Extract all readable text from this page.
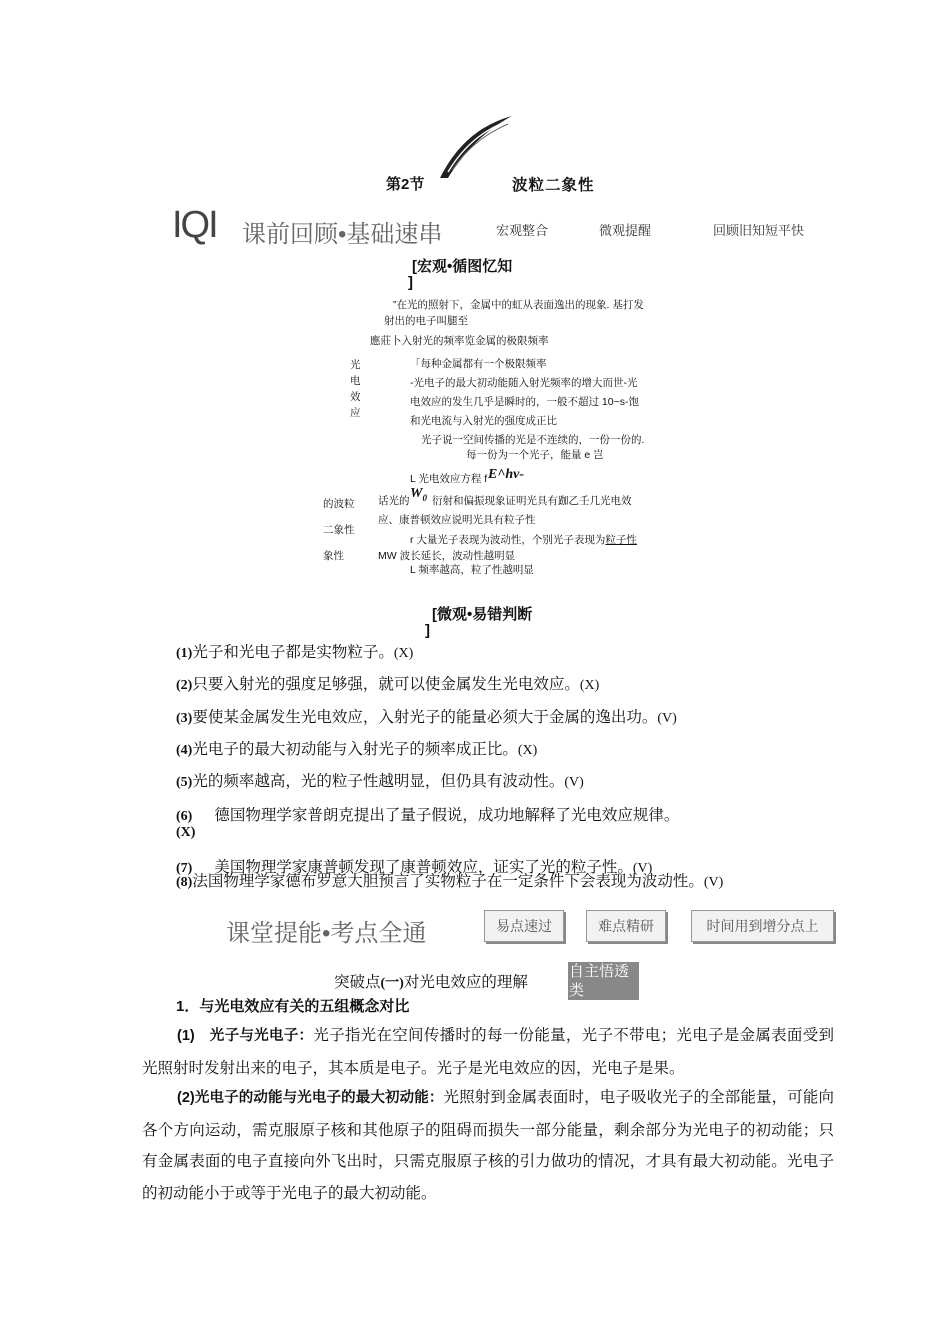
第2节	波粒二象性
IQI 课前回顾•基础速串	宏观整合	微观提醒	回顾旧知短平快
[宏观•循图忆知
]
”在光的照射下，金属中的虹从表面逸出的现象. 基打发
射出的电子叫腿至
應莊卜入射光的频率览金属的极限频率
光
电
效
应
「每种金属都有一个极限频率
-光电子的最大初动能随入射光频率的增大而世-光
电效应的发生几乎是瞬时的，一般不超过 10~s-饱
和光电流与入射光的强度成正比
光子说一空间传播的光是不连续的，一份一份的.
每一份为一个光子，能量 e 岂
L 光电效应方程 f E^hv-
$W_0$
的波粒
二象性
象性
话光的 衍射和偏振现象证明光具有跏乙壬几光电效
应、康普顿效应说明光具有粒子性
r 大量光子表现为波动性，个别光子表现为粒子性
MW 波长延长，波动性越明显
L 频率越高，粒了性越明显
[微观•易错判断
]
(1)光子和光电子都是实物粒子。(X)
(2)只要入射光的强度足够强，就可以使金属发生光电效应。(X)
(3)要使某金属发生光电效应，入射光子的能量必须大于金属的逸出功。(V)
(4)光电子的最大初动能与入射光子的频率成正比。(X)
(5)光的频率越高，光的粒子性越明显，但仍具有波动性。(V)
(6) 德国物理学家普朗克提出了量子假说，成功地解释了光电效应规律。
(X)
(7) 美国物理学家康普顿发现了康普顿效应，证实了光的粒子性。(V)
(8)法国物理学家德布罗意大胆预言了实物粒子在一定条件下会表现为波动性。(V)
课堂提能•考点全通	易点速过	难点精研	时间用到增分点上
突破点(一)对光电效应的理解
自主悟透类
1．与光电效应有关的五组概念对比
(1)　光子与光电子：光子指光在空间传播时的每一份能量，光子不带电；光电子是金属表面受到光照射时发射出来的电子，其本质是电子。光子是光电效应的因，光电子是果。
(2)光电子的动能与光电子的最大初动能：光照射到金属表面时，电子吸收光子的全部能量，可能向各个方向运动，需克服原子核和其他原子的阻碍而损失一部分能量，剩余部分为光电子的初动能；只有金属表面的电子直接向外飞出时，只需克服原子核的引力做功的情况，才具有最大初动能。光电子的初动能小于或等于光电子的最大初动能。
